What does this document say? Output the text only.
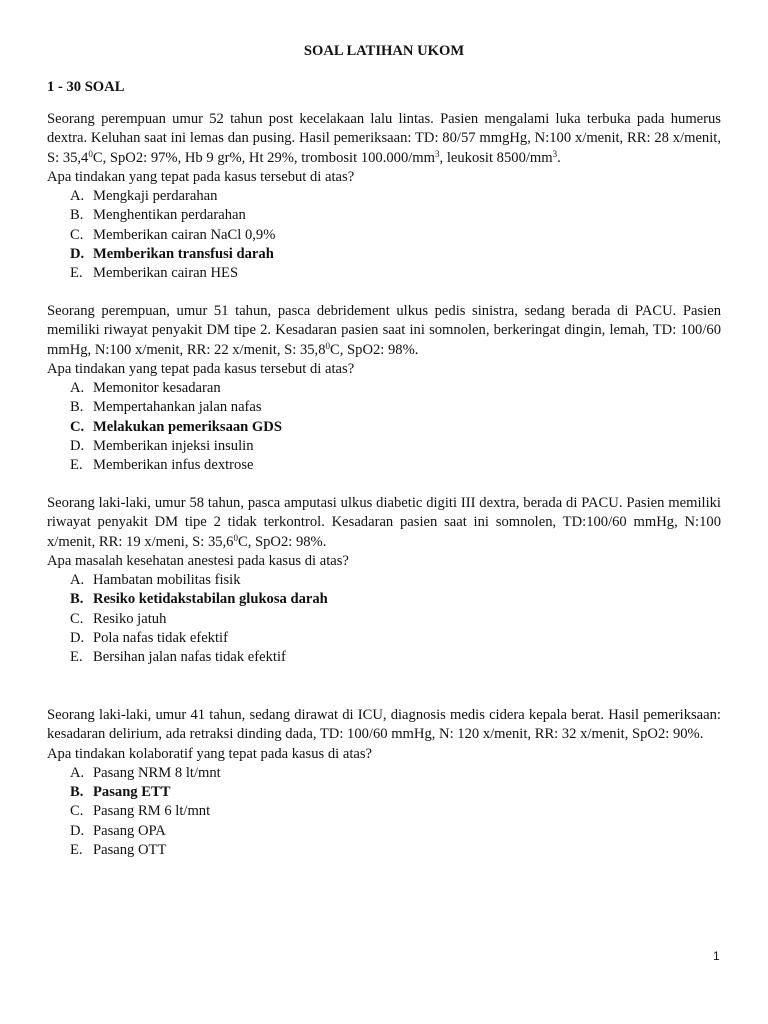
SOAL LATIHAN UKOM
1 - 30 SOAL

Seorang perempuan umur 52 tahun post kecelakaan lalu lintas. Pasien mengalami luka terbuka pada humerus dextra. Keluhan saat ini lemas dan pusing. Hasil pemeriksaan: TD: 80/57 mmgHg, N:100 x/menit, RR: 28 x/menit, S: 35,4$^0$C, SpO2: 97%, Hb 9 gr%, Ht 29%, trombosit $100.000/mm^3$, leukosit $8500/mm^3$.

Apa tindakan yang tepat pada kasus tersebut di atas?

A. Mengkaji perdarahan
B. Menghentikan perdarahan
C. Memberikan cairan NaCl 0,9%
D. Memberikan transfusi darah
E. Memberikan cairan HES

Seorang perempuan, umur 51 tahun, pasca debridement ulkus pedis sinistra, sedang berada di PACU. Pasien memiliki riwayat penyakit DM tipe 2. Kesadaran pasien saat ini somnolen, berkeringat dingin, lemah, TD: 100/60 mmHg, N:100 x/menit, RR: 22 x/menit, S: 35,8$^0$C, SpO2: 98%.

Apa tindakan yang tepat pada kasus tersebut di atas?

A. Memonitor kesadaran
B. Mempertahankan jalan nafas
C. Melakukan pemeriksaan GDS
D. Memberikan injeksi insulin
E. Memberikan infus dextrose

Seorang laki-laki, umur 58 tahun, pasca amputasi ulkus diabetic digiti III dextra, berada di PACU. Pasien memiliki riwayat penyakit DM tipe 2 tidak terkontrol. Kesadaran pasien saat ini somnolen, TD:100/60 mmHg, N:100 x/menit, RR: 19 x/meni, S: 35,6$^0$C, SpO2: 98%.

Apa masalah kesehatan anestesi pada kasus di atas?

A. Hambatan mobilitas fisik
B. Resiko ketidakstabilan glukosa darah
C. Resiko jatuh
D. Pola nafas tidak efektif
E. Bersihan jalan nafas tidak efektif

Seorang laki-laki, umur 41 tahun, sedang dirawat di ICU, diagnosis medis cidera kepala berat. Hasil pemeriksaan: kesadaran delirium, ada retraksi dinding dada, TD: 100/60 mmHg, N: 120 x/menit, RR: 32 x/menit, SpO2: 90%.

Apa tindakan kolaboratif yang tepat pada kasus di atas?

A. Pasang NRM 8 lt/mnt
B. Pasang ETT
C. Pasang RM 6 lt/mnt
D. Pasang OPA
E. Pasang OTT
1
